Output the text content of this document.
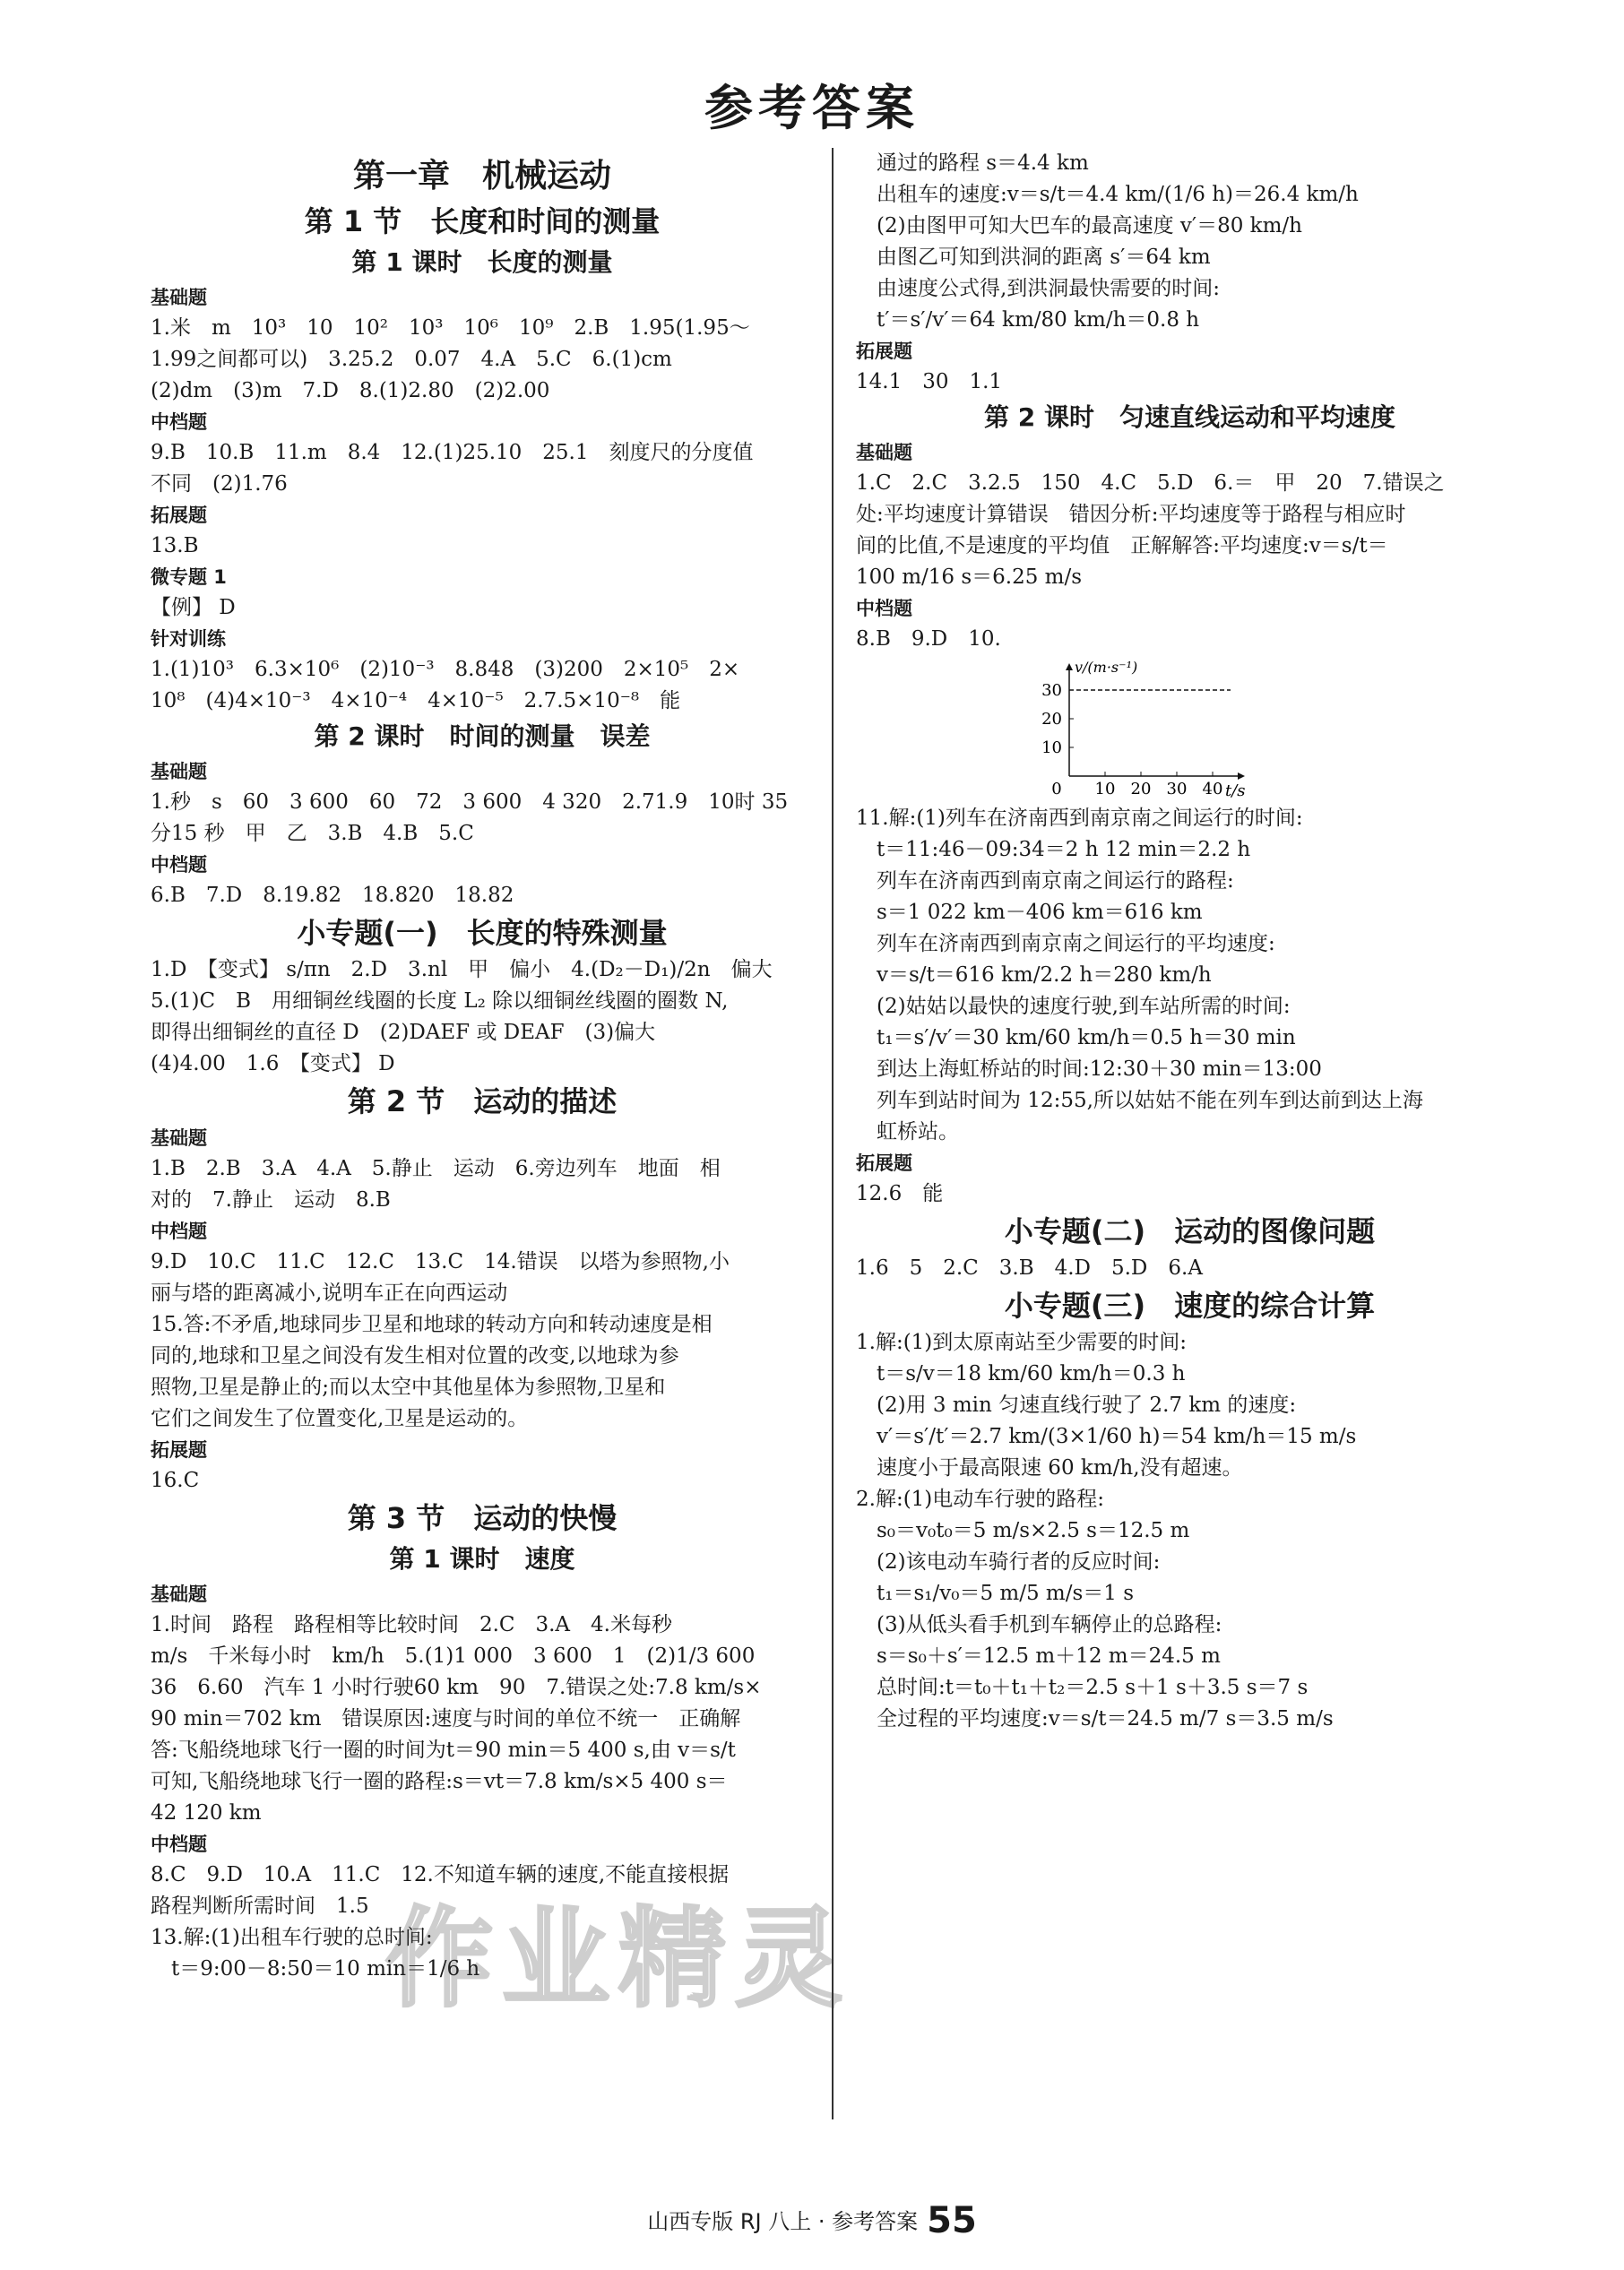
参考答案
第一章　机械运动
第 1 节　长度和时间的测量
第 1 课时　长度的测量
基础题
1.米　m　10³　10　10²　10³　10⁶　10⁹　2.B　1.95(1.95～
1.99之间都可以)　3.25.2　0.07　4.A　5.C　6.(1)cm
(2)dm　(3)m　7.D　8.(1)2.80　(2)2.00
中档题
9.B　10.B　11.m　8.4　12.(1)25.10　25.1　刻度尺的分度值
不同　(2)1.76
拓展题
13.B
微专题 1
【例】 D
针对训练
1.(1)10³　6.3×10⁶　(2)10⁻³　8.848　(3)200　2×10⁵　2×
10⁸　(4)4×10⁻³　4×10⁻⁴　4×10⁻⁵　2.7.5×10⁻⁸　能
第 2 课时　时间的测量　误差
基础题
1.秒　s　60　3 600　60　72　3 600　4 320　2.71.9　10时 35
分15 秒　甲　乙　3.B　4.B　5.C
中档题
6.B　7.D　8.19.82　18.820　18.82
小专题(一)　长度的特殊测量
1.D　【变式】 s/πn　2.D　3.nl　甲　偏小　4.(D₂－D₁)/2n　偏大
5.(1)C　B　用细铜丝线圈的长度 L₂ 除以细铜丝线圈的圈数 N,
即得出细铜丝的直径 D　(2)DAEF 或 DEAF　(3)偏大
(4)4.00　1.6　【变式】 D
第 2 节　运动的描述
基础题
1.B　2.B　3.A　4.A　5.静止　运动　6.旁边列车　地面　相
对的　7.静止　运动　8.B
中档题
9.D　10.C　11.C　12.C　13.C　14.错误　以塔为参照物,小
丽与塔的距离减小,说明车正在向西运动
15.答:不矛盾,地球同步卫星和地球的转动方向和转动速度是相
同的,地球和卫星之间没有发生相对位置的改变,以地球为参
照物,卫星是静止的;而以太空中其他星体为参照物,卫星和
它们之间发生了位置变化,卫星是运动的。
拓展题
16.C
第 3 节　运动的快慢
第 1 课时　速度
基础题
1.时间　路程　路程相等比较时间　2.C　3.A　4.米每秒
m/s　千米每小时　km/h　5.(1)1 000　3 600　1　(2)1/3 600
36　6.60　汽车 1 小时行驶60 km　90　7.错误之处:7.8 km/s×
90 min＝702 km　错误原因:速度与时间的单位不统一　正确解
答:飞船绕地球飞行一圈的时间为t＝90 min＝5 400 s,由 v＝s/t
可知,飞船绕地球飞行一圈的路程:s＝vt＝7.8 km/s×5 400 s＝
42 120 km
中档题
8.C　9.D　10.A　11.C　12.不知道车辆的速度,不能直接根据
路程判断所需时间　1.5
13.解:(1)出租车行驶的总时间:
　t＝9:00－8:50＝10 min＝1/6 h
　通过的路程 s＝4.4 km
　出租车的速度:v＝s/t＝4.4 km/(1/6 h)＝26.4 km/h
　(2)由图甲可知大巴车的最高速度 v′＝80 km/h
　由图乙可知到洪洞的距离 s′＝64 km
　由速度公式得,到洪洞最快需要的时间:
　t′＝s′/v′＝64 km/80 km/h＝0.8 h
拓展题
14.1　30　1.1
第 2 课时　匀速直线运动和平均速度
基础题
1.C　2.C　3.2.5　150　4.C　5.D　6.＝　甲　20　7.错误之
处:平均速度计算错误　错因分析:平均速度等于路程与相应时
间的比值,不是速度的平均值　正解解答:平均速度:v＝s/t＝
100 m/16 s＝6.25 m/s
中档题
8.B　9.D　10.
0 10 20 30 40
10
20
30
v/(m·s⁻¹)
t/s
11.解:(1)列车在济南西到南京南之间运行的时间:
　t＝11:46－09:34＝2 h 12 min＝2.2 h
　列车在济南西到南京南之间运行的路程:
　s＝1 022 km－406 km＝616 km
　列车在济南西到南京南之间运行的平均速度:
　v＝s/t＝616 km/2.2 h＝280 km/h
　(2)姑姑以最快的速度行驶,到车站所需的时间:
　t₁＝s′/v′＝30 km/60 km/h＝0.5 h＝30 min
　到达上海虹桥站的时间:12:30＋30 min＝13:00
　列车到站时间为 12:55,所以姑姑不能在列车到达前到达上海
　虹桥站。
拓展题
12.6　能
小专题(二)　运动的图像问题
1.6　5　2.C　3.B　4.D　5.D　6.A
小专题(三)　速度的综合计算
1.解:(1)到太原南站至少需要的时间:
　t＝s/v＝18 km/60 km/h＝0.3 h
　(2)用 3 min 匀速直线行驶了 2.7 km 的速度:
　v′＝s′/t′＝2.7 km/(3×1/60 h)＝54 km/h＝15 m/s
　速度小于最高限速 60 km/h,没有超速。
2.解:(1)电动车行驶的路程:
　s₀＝v₀t₀＝5 m/s×2.5 s＝12.5 m
　(2)该电动车骑行者的反应时间:
　t₁＝s₁/v₀＝5 m/5 m/s＝1 s
　(3)从低头看手机到车辆停止的总路程:
　s＝s₀＋s′＝12.5 m＋12 m＝24.5 m
　总时间:t＝t₀＋t₁＋t₂＝2.5 s＋1 s＋3.5 s＝7 s
　全过程的平均速度:v＝s/t＝24.5 m/7 s＝3.5 m/s
作业精灵
山西专版 RJ 八上 · 参考答案 55
